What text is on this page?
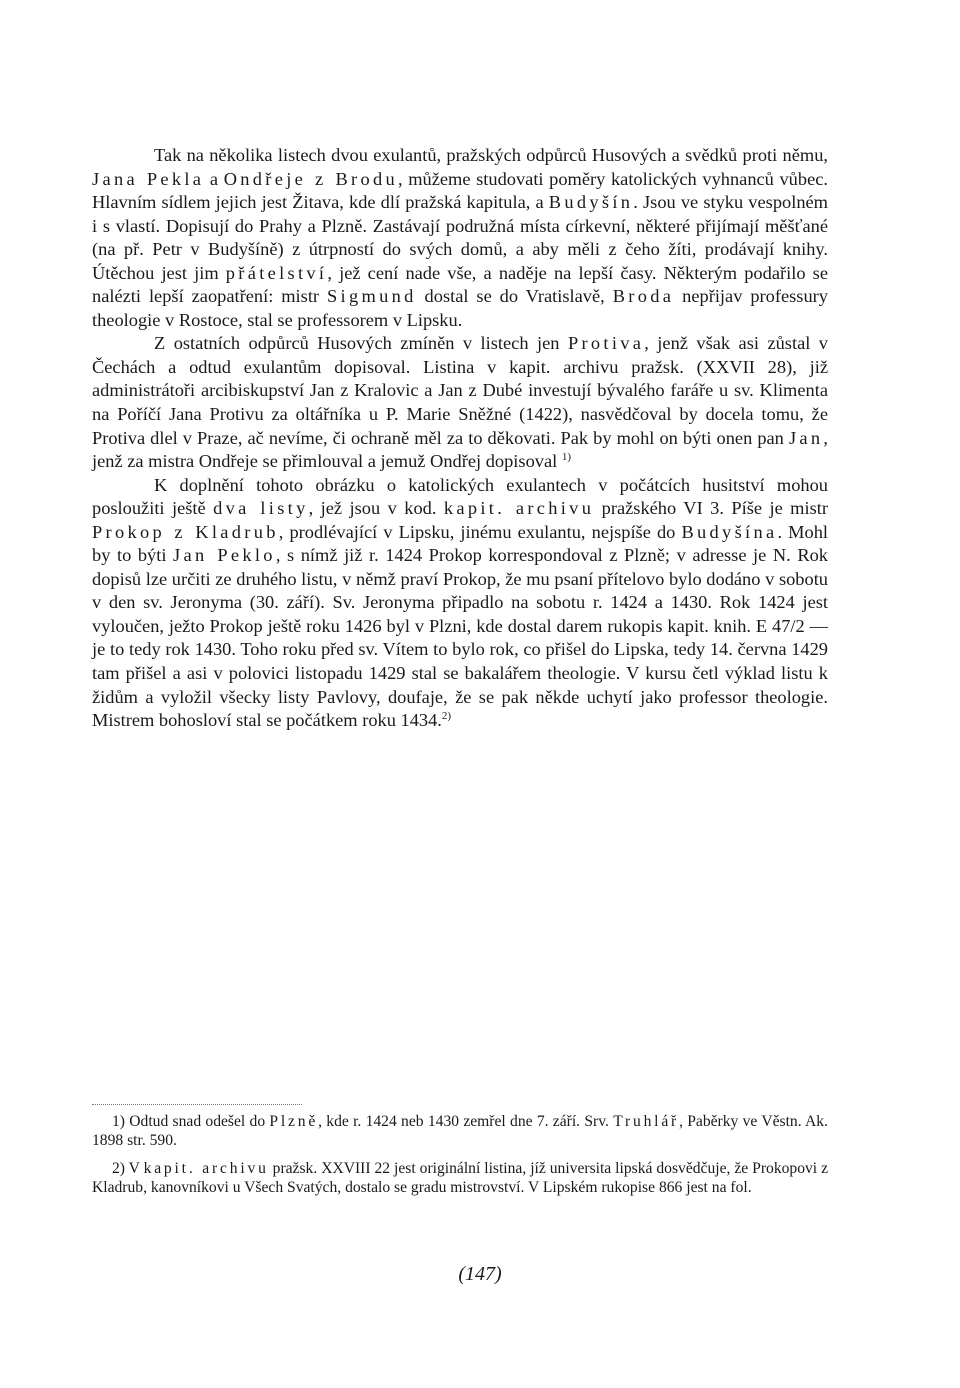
Tak na několika listech dvou exulantů, pražských odpůrců Husových a svědků proti němu, Jana Pekla a Ondřeje z Brodu, můžeme studovati poměry katolických vyhnanců vůbec. Hlavním sídlem jejich jest Žitava, kde dlí pražská kapitula, a Budyšín. Jsou ve styku vespolném i s vlastí. Dopisují do Prahy a Plzně. Zastávají podružná místa církevní, některé přijímají měšťané (na př. Petr v Budyšíně) z útrpností do svých domů, a aby měli z čeho žíti, prodávají knihy. Útěchou jest jim přátelství, jež cení nade vše, a naděje na lepší časy. Některým podařilo se nalézti lepší zaopatření: mistr Sigmund dostal se do Vratislavě, Broda nepřijav professury theologie v Rostoce, stal se professorem v Lipsku.

Z ostatních odpůrců Husových zmíněn v listech jen Protiva, jenž však asi zůstal v Čechách a odtud exulantům dopisoval. Listina v kapit. archivu pražsk. (XXVII 28), již administrátoři arcibiskupství Jan z Kralovic a Jan z Dubé investují bývalého faráře u sv. Klimenta na Poříčí Jana Protivu za oltářníka u P. Marie Sněžné (1422), nasvědčoval by docela tomu, že Protiva dlel v Praze, ač nevíme, či ochraně měl za to děkovati. Pak by mohl on býti onen pan Jan, jenž za mistra Ondřeje se přimlouval a jemuž Ondřej dopisoval $^{1)}$

K doplnění tohoto obrázku o katolických exulantech v počátcích husitství mohou posloužiti ještě dva listy, jež jsou v kod. kapit. archivu pražského VI 3. Píše je mistr Prokop z Kladrub, prodlévající v Lipsku, jinému exulantu, nejspíše do Budyšína. Mohl by to býti Jan Peklo, s nímž již r. 1424 Prokop korrespondoval z Plzně; v adresse je N. Rok dopisů lze určiti ze druhého listu, v němž praví Prokop, že mu psaní přítelovo bylo dodáno v sobotu v den sv. Jeronyma (30. září). Sv. Jeronyma připadlo na sobotu r. 1424 a 1430. Rok 1424 jest vyloučen, ježto Prokop ještě roku 1426 byl v Plzni, kde dostal darem rukopis kapit. knih. E 47/2 — je to tedy rok 1430. Toho roku před sv. Vítem to bylo rok, co přišel do Lipska, tedy 14. června 1429 tam přišel a asi v polovici listopadu 1429 stal se bakalářem theologie. V kursu četl výklad listu k židům a vyložil všecky listy Pavlovy, doufaje, že se pak někde uchytí jako professor theologie. Mistrem bohosloví stal se počátkem roku 1434.$^{2)}$

1) Odtud snad odešel do Plzně, kde r. 1424 neb 1430 zemřel dne 7. září. Srv. Truhlář, Paběrky ve Věstn. Ak. 1898 str. 590.

2) V kapit. archivu pražsk. XXVIII 22 jest originální listina, jíž universita lipská dosvědčuje, že Prokopovi z Kladrub, kanovníkovi u Všech Svatých, dostalo se gradu mistrovství. V Lipském rukopise 866 jest na fol.

(147)
